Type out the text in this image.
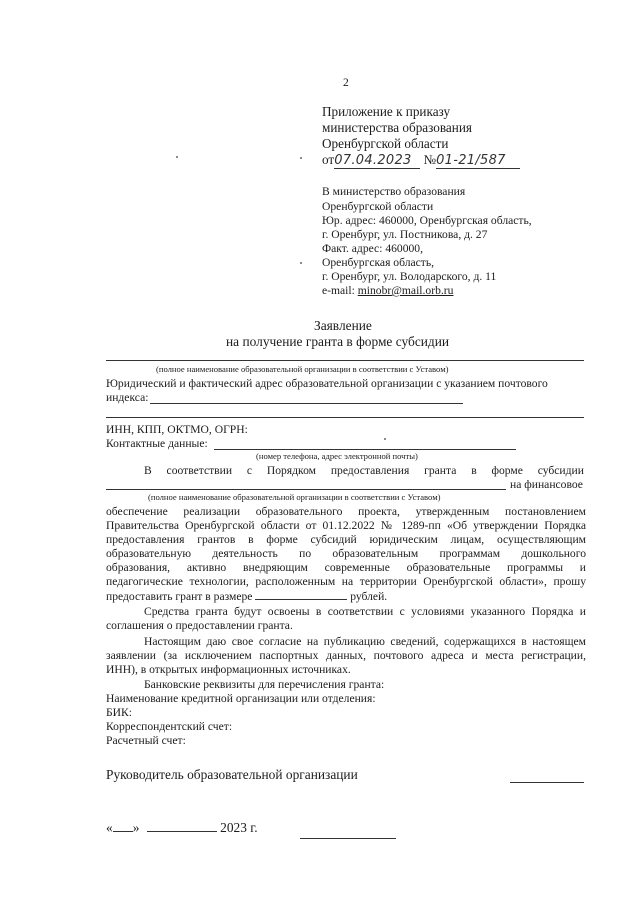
2
Приложение к приказу
министерства образования
Оренбургской области
от07.04.2023 №01-21/587
В министерство образования
Оренбургской области
Юр. адрес: 460000, Оренбургская область,
г. Оренбург, ул. Постникова, д. 27
Факт. адрес: 460000,
Оренбургская область,
г. Оренбург, ул. Володарского, д. 11
e-mail: minobr@mail.orb.ru
Заявление
на получение гранта в форме субсидии
(полное наименование образовательной организации в соответствии с Уставом)
Юридический и фактический адрес образовательной организации с указанием почтового
индекса:
ИНН, КПП, ОКТМО, ОГРН:
Контактные данные:
(номер телефона, адрес электронной почты)
В соответствии с Порядком предоставления гранта в форме субсидии
на финансовое
(полное наименование образовательной организации в соответствии с Уставом)
обеспечение реализации образовательного проекта, утвержденным постановлением
Правительства Оренбургской области от 01.12.2022 № 1289-пп «Об утверждении Порядка
предоставления грантов в форме субсидий юридическим лицам, осуществляющим
образовательную деятельность по образовательным программам дошкольного
образования, активно внедряющим современные образовательные программы и
педагогические технологии, расположенным на территории Оренбургской области», прошу
предоставить грант в размере	рублей.
Средства гранта будут освоены в соответствии с условиями указанного Порядка и
соглашения о предоставлении гранта.
Настоящим даю свое согласие на публикацию сведений, содержащихся в настоящем
заявлении (за исключением паспортных данных, почтового адреса и места регистрации,
ИНН), в открытых информационных источниках.
Банковские реквизиты для перечисления гранта:
Наименование кредитной организации или отделения:
БИК:
Корреспондентский счет:
Расчетный счет:
Руководитель образовательной организации
« »	2023 г.
